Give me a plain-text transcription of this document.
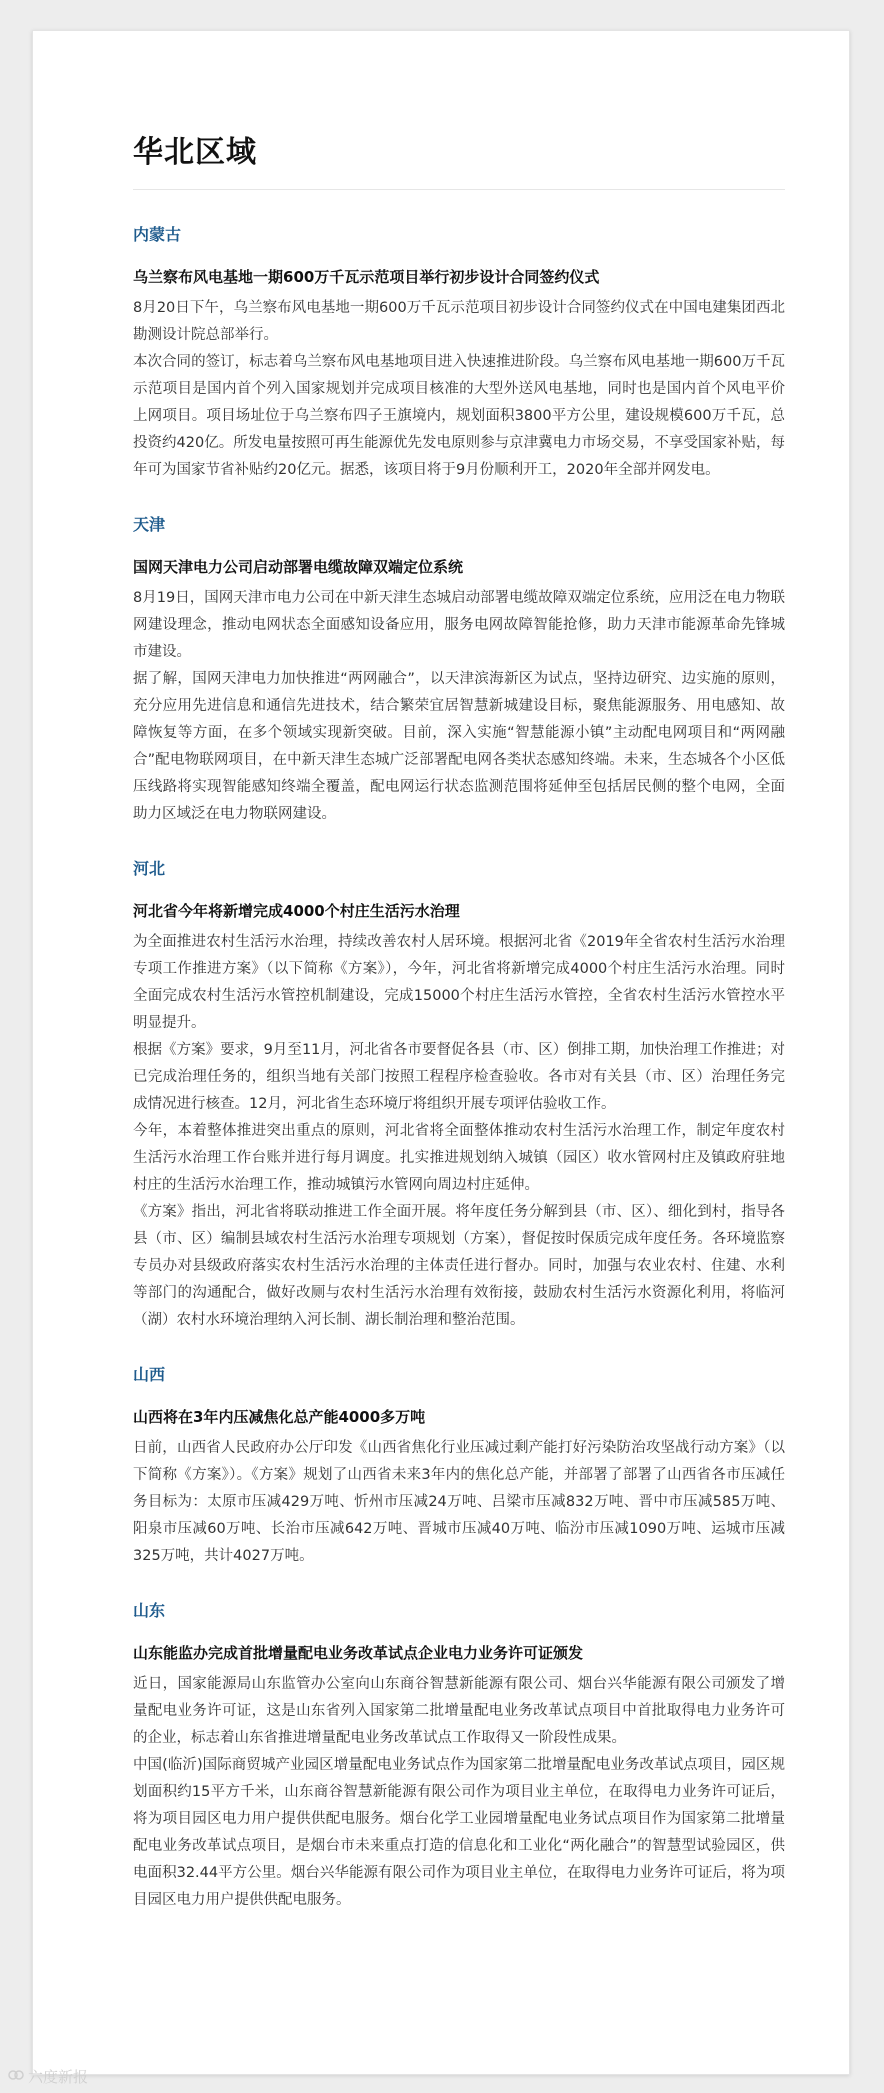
华北区域
内蒙古
乌兰察布风电基地一期600万千瓦示范项目举行初步设计合同签约仪式

8月20日下午，乌兰察布风电基地一期600万千瓦示范项目初步设计合同签约仪式在中国电建集团西北勘测设计院总部举行。

本次合同的签订，标志着乌兰察布风电基地项目进入快速推进阶段。乌兰察布风电基地一期600万千瓦示范项目是国内首个列入国家规划并完成项目核准的大型外送风电基地，同时也是国内首个风电平价上网项目。项目场址位于乌兰察布四子王旗境内，规划面积3800平方公里，建设规模600万千瓦，总投资约420亿。所发电量按照可再生能源优先发电原则参与京津冀电力市场交易，不享受国家补贴，每年可为国家节省补贴约20亿元。据悉，该项目将于9月份顺利开工，2020年全部并网发电。

天津
国网天津电力公司启动部署电缆故障双端定位系统

8月19日，国网天津市电力公司在中新天津生态城启动部署电缆故障双端定位系统，应用泛在电力物联网建设理念，推动电网状态全面感知设备应用，服务电网故障智能抢修，助力天津市能源革命先锋城市建设。

据了解，国网天津电力加快推进“两网融合”，以天津滨海新区为试点，坚持边研究、边实施的原则，充分应用先进信息和通信先进技术，结合繁荣宜居智慧新城建设目标，聚焦能源服务、用电感知、故障恢复等方面，在多个领域实现新突破。目前，深入实施“智慧能源小镇”主动配电网项目和“两网融合”配电物联网项目，在中新天津生态城广泛部署配电网各类状态感知终端。未来，生态城各个小区低压线路将实现智能感知终端全覆盖，配电网运行状态监测范围将延伸至包括居民侧的整个电网，全面助力区域泛在电力物联网建设。

河北
河北省今年将新增完成4000个村庄生活污水治理

为全面推进农村生活污水治理，持续改善农村人居环境。根据河北省《2019年全省农村生活污水治理专项工作推进方案》（以下简称《方案》），今年，河北省将新增完成4000个村庄生活污水治理。同时全面完成农村生活污水管控机制建设，完成15000个村庄生活污水管控，全省农村生活污水管控水平明显提升。

根据《方案》要求，9月至11月，河北省各市要督促各县（市、区）倒排工期，加快治理工作推进；对已完成治理任务的，组织当地有关部门按照工程程序检查验收。各市对有关县（市、区）治理任务完成情况进行核查。12月，河北省生态环境厅将组织开展专项评估验收工作。

今年，本着整体推进突出重点的原则，河北省将全面整体推动农村生活污水治理工作，制定年度农村生活污水治理工作台账并进行每月调度。扎实推进规划纳入城镇（园区）收水管网村庄及镇政府驻地村庄的生活污水治理工作，推动城镇污水管网向周边村庄延伸。

《方案》指出，河北省将联动推进工作全面开展。将年度任务分解到县（市、区）、细化到村，指导各县（市、区）编制县域农村生活污水治理专项规划（方案），督促按时保质完成年度任务。各环境监察专员办对县级政府落实农村生活污水治理的主体责任进行督办。同时，加强与农业农村、住建、水利等部门的沟通配合，做好改厕与农村生活污水治理有效衔接，鼓励农村生活污水资源化利用，将临河（湖）农村水环境治理纳入河长制、湖长制治理和整治范围。

山西
山西将在3年内压减焦化总产能4000多万吨

日前，山西省人民政府办公厅印发《山西省焦化行业压减过剩产能打好污染防治攻坚战行动方案》（以下简称《方案》）。《方案》规划了山西省未来3年内的焦化总产能，并部署了部署了山西省各市压减任务目标为：太原市压减429万吨、忻州市压减24万吨、吕梁市压减832万吨、晋中市压减585万吨、阳泉市压减60万吨、长治市压减642万吨、晋城市压减40万吨、临汾市压减1090万吨、运城市压减325万吨，共计4027万吨。

山东
山东能监办完成首批增量配电业务改革试点企业电力业务许可证颁发

近日，国家能源局山东监管办公室向山东商谷智慧新能源有限公司、烟台兴华能源有限公司颁发了增量配电业务许可证，这是山东省列入国家第二批增量配电业务改革试点项目中首批取得电力业务许可的企业，标志着山东省推进增量配电业务改革试点工作取得又一阶段性成果。

中国(临沂)国际商贸城产业园区增量配电业务试点作为国家第二批增量配电业务改革试点项目，园区规划面积约15平方千米，山东商谷智慧新能源有限公司作为项目业主单位，在取得电力业务许可证后，将为项目园区电力用户提供供配电服务。烟台化学工业园增量配电业务试点项目作为国家第二批增量配电业务改革试点项目，是烟台市未来重点打造的信息化和工业化“两化融合”的智慧型试验园区，供电面积32.44平方公里。烟台兴华能源有限公司作为项目业主单位，在取得电力业务许可证后，将为项目园区电力用户提供供配电服务。

六度新报
